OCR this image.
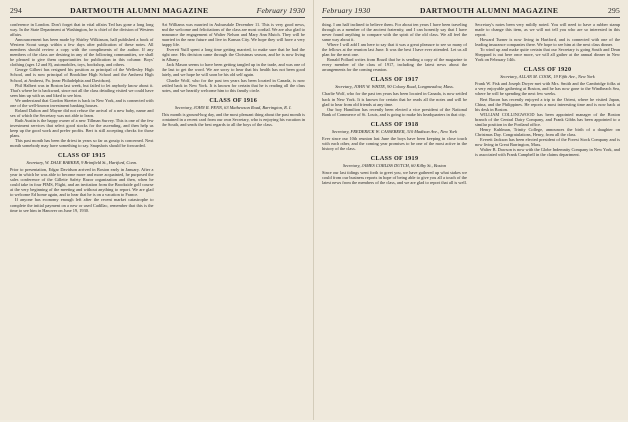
294	DARTMOUTH ALUMNI MAGAZINE	February 1930

conference in London. Don't forget that in vital affairs Ted has gone a long long way. In the State Department at Washington, he is chief of the division of Western affairs.

Announcement has been made by Shirley Wilkinson, hall published a book of Western Scout songs within a few days after publication of these notes. All members should review a copy with the compliments of the author. If any members of the class are desiring in any of the following communities, we shall be pleased to give them opportunities for publication in this column: Boys' clothing (ages 12 and 8), automobiles, toys, bookshop, and others.

George Gilbert has resigned his position as principal of the Wellesley High School, and is now principal of Brookline High School and the Amherst High School, at Amherst, Pa. (near Philadelphia and Davidson).

Phil Halbert was in Boston last week, but failed to let anybody know about it. That's where he is backward, since not all the class detailing visited we could have seen him up with us and liked to see him.

We understand that Gordon Skeeter is back in New York, and is connected with one of the well-known investment banking houses.

Roland Dalton and Mayne did not refuse the arrival of a new baby, name and sex of which the Secretary was not able to learn.

Ruth Austin is the happy owner of a new Tillman Survey. This is one of the few investment services that select good stocks for the ascending, and then help us keep up the good work and prefer profits. Bert is still accepting checks for those plans.

This past month has been the driest in years so far as gossip is concerned. Next month somebody may have something to say. Snapshots should be forwarded.

CLASS OF 1915
Secretary, W. DALE BARKER, 9 Brimfield St., Hartford, Conn.

Prior to presentation, Edgar Davidson arrived in Boston early in January. After a year in which he was able to become more and more acquainted, he purposed the sales conference of the Gillette Safety Razor organization and then, when he could take in four PIMS, Flight, and an invitation from the Brookside golf course at the very beginning of the meeting and without anything to report. We are glad to welcome Ed home again, and to hear that he is on a vacation to France.

If anyone has economy enough left after the recent market catastrophe to complete the initial payment on a new or used Cadillac, remember that this is the time to see him in Hanover on June 19, 1930.

Art Williams was married in Aubursdale December 11. This is very good news, and the welcome and felicitations of the class are most cordial. We are also glad to announce the engagement of Walter Nelson and Mary Ann Mutch. They will be married in the near future and live in Kansas City. We hope they will have a very happy life.

Everett Yuill spent a long time getting married, to make sure that he had the right one. His decision came through the Christmas season, and he is now living in Albany.

Jack Mason seems to have been getting tangled up in the trade, and was one of the last to get the word. We are sorry to hear that his health has not been good lately, and we hope he will soon be his old self again.

Charlie Wolf, who for the past ten years has been located in Canada, is now settled back in New York. It is known for certain that he is reading all the class notes, and we heartily welcome him to this family circle.

CLASS OF 1916
Secretary, JOHN R. PENN, 63 Mathewson Road, Barrington, R. I.

This month is ground-hog day, and the most pleasant thing about the past month is contained in a recent card from our own Secretary, who is enjoying his vacation in the South, and sends the best regards to all the boys of the class.

February 1930	DARTMOUTH ALUMNI MAGAZINE	295

thing. I am half inclined to believe them. For about ten years I have been traveling through as a member of the ancient fraternity, and I can honestly say that I have never found anything to compare with the spirit of the old class. We all feel the same way about it.

Where I will add I am here to say that it was a great pleasure to see so many of the fellows at the reunion last June. It was the best I have ever attended. Let us all plan for the next one.

Ronald Pollard writes from Brazil that he is sending a copy of the magazine to every member of the class of 1917, including the latest news about the arrangements for the coming reunion.

CLASS OF 1917
Secretary, JOHN W. WHITE, 90 Colony Road, Longmeadow, Mass.

Charlie Wolf, who for the past ten years has been located in Canada, is now settled back in New York. It is known for certain that he reads all the notes and will be glad to hear from old friends at any time.

Our boy Hamilton has recently been elected a vice president of the National Bank of Commerce of St. Louis, and is going to make his headquarters in that city.

CLASS OF 1918
Secretary, FREDERICK W. CASSEBEER, 310 Madison Ave., New York

Ever since our 10th reunion last June the boys have been keeping in close touch with each other, and the coming year promises to be one of the most active in the history of the class.

CLASS OF 1919
Secretary, JAMES CORLISS DUTCH, 60 Kilby St., Boston

Since our last tidings went forth to greet you, we have gathered up what stakes we could from our business reports in hope of being able to give you all a touch of the latest news from the members of the class, and we are glad to report that all is well.

Secretary's notes been very mildly noted. You will need to have a rubber stamp made to change this item, as we will not tell you who are so interested in this report.

Howard Turner is now living in Hartford, and is connected with one of the leading insurance companies there. We hope to see him at the next class dinner.

To wind up and make quite certain that our Secretary is going South and Dean Sheppard is out here once more, we will all gather at the annual dinner in New York on February 14th.

CLASS OF 1920
Secretary, ALLAN M. COOK, 19 Fifth Ave., New York

Frank W. Fisk and Joseph Dwyer met with Mrs. Smith and the Cambridge folks at a very enjoyable gathering at Boston, and he has now gone to the Windbeach Sea, where he will be spending the next few weeks.

Bert Bacon has recently enjoyed a trip to the Orient, where he visited Japan, China, and the Philippines. He reports a most interesting time and is now back at his desk in Boston.

WILLIAM COLLINGWOOD has been appointed manager of the Boston branch of the Central Dairy Company, and Frank Gibbs has been appointed to a similar position in the Portland office.

Henry Kuhlman, Trinity College, announces the birth of a daughter on Christmas Day. Congratulations, Henry, from all the class.

Everett Jackson has been elected president of the Forest Stock Company and is now living in Great Barrington, Mass.

Walter B. Dawson is now with the Globe Indemnity Company in New York, and is associated with Frank Campbell in the claims department.
